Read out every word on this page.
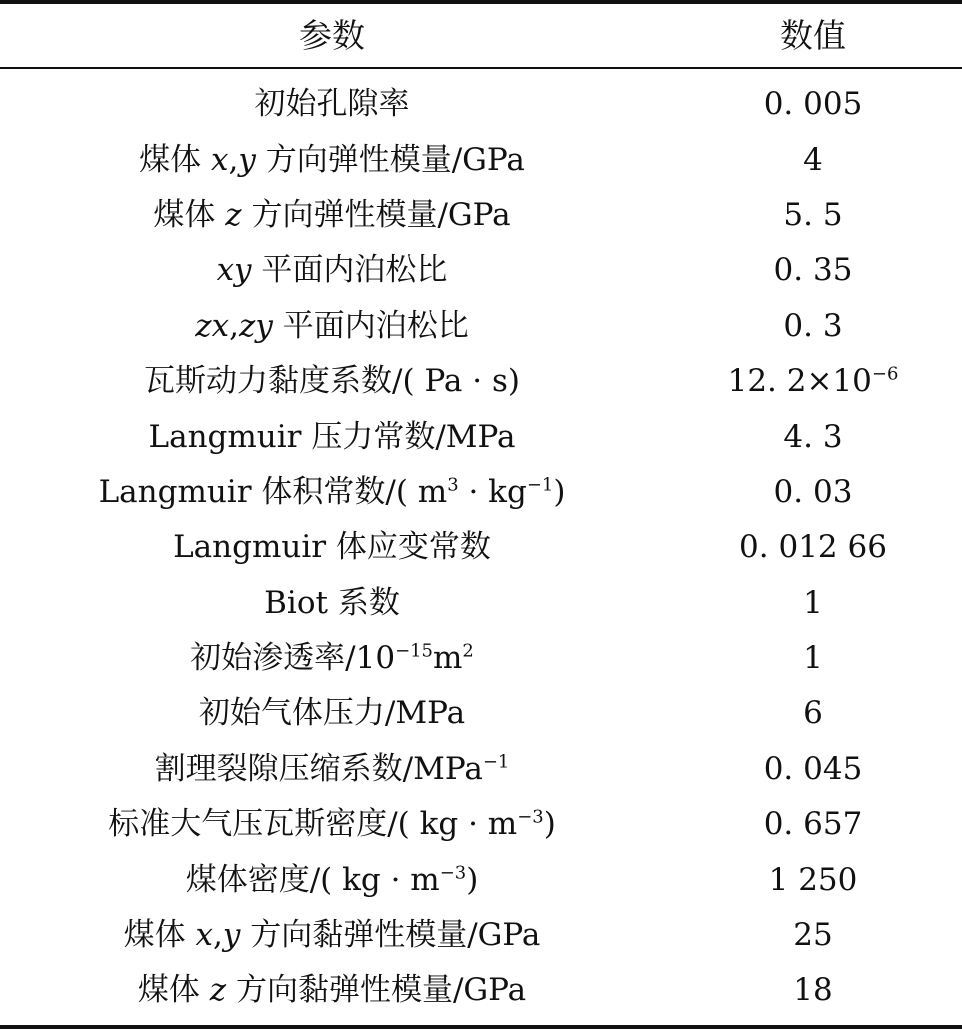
参数	数值
初始孔隙率	0. 005
煤体 x,y 方向弹性模量/GPa	4
煤体 z 方向弹性模量/GPa	5. 5
xy 平面内泊松比	0. 35
zx,zy 平面内泊松比	0. 3
瓦斯动力黏度系数/( Pa · s)	12. $2\times 10^{-6}$
Langmuir 压力常数/MPa	4. 3
Langmuir 体积常数/( $m^3 \cdot kg^{-1}$)	0. 03
Langmuir 体应变常数	0. 012 66
Biot 系数	1
初始渗透率$/10^{-15}m^2$	1
初始气体压力/MPa	6
割理裂隙压缩系数/MPa$^{-1}$	0. 045
标准大气压瓦斯密度/( kg · $m^{-3}$)	0. 657
煤体密度/( kg · $m^{-3}$)	1 250
煤体 x,y 方向黏弹性模量/GPa	25
煤体 z 方向黏弹性模量/GPa	18
